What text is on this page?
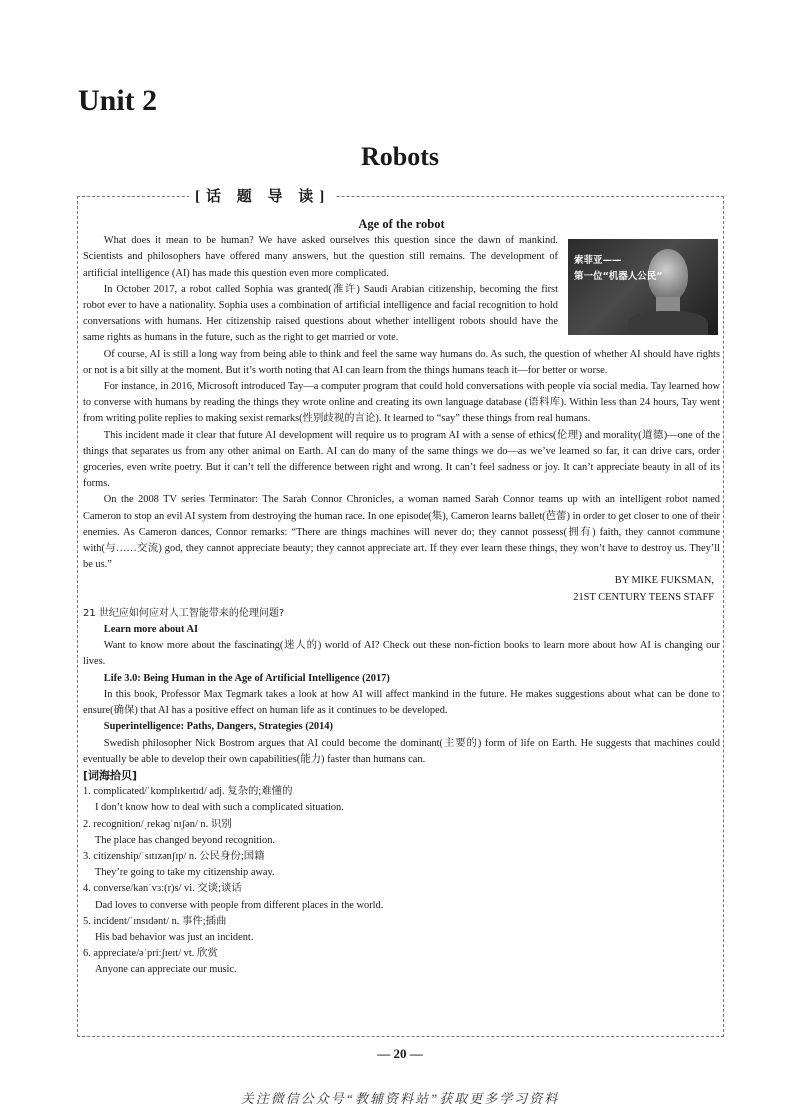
Unit 2
Robots
[话 题 导 读]

Age of the robot

索菲亚——
第一位“机器人公民”

What does it mean to be human? We have asked ourselves this question since the dawn of mankind. Scientists and philosophers have offered many answers, but the question still remains. The development of artificial intelligence (AI) has made this question even more complicated.

In October 2017, a robot called Sophia was granted(准许) Saudi Arabian citizenship, becoming the first robot ever to have a nationality. Sophia uses a combination of artificial intelligence and facial recognition to hold conversations with humans. Her citizenship raised questions about whether intelligent robots should have the same rights as humans in the future, such as the right to get married or vote.

Of course, AI is still a long way from being able to think and feel the same way humans do. As such, the question of whether AI should have rights or not is a bit silly at the moment. But it’s worth noting that AI can learn from the things humans teach it—for better or worse.

For instance, in 2016, Microsoft introduced Tay—a computer program that could hold conversations with people via social media. Tay learned how to converse with humans by reading the things they wrote online and creating its own language database (语料库). Within less than 24 hours, Tay went from writing polite replies to making sexist remarks(性别歧视的言论). It learned to “say” these things from real humans.

This incident made it clear that future AI development will require us to program AI with a sense of ethics(伦理) and morality(道德)—one of the things that separates us from any other animal on Earth. AI can do many of the same things we do—as we’ve learned so far, it can drive cars, order groceries, even write poetry. But it can’t tell the difference between right and wrong. It can’t feel sadness or joy. It can’t appreciate beauty in all of its forms.

On the 2008 TV series Terminator: The Sarah Connor Chronicles, a woman named Sarah Connor teams up with an intelligent robot named Cameron to stop an evil AI system from destroying the human race. In one episode(集), Cameron learns ballet(芭蕾) in order to get closer to one of their enemies. As Cameron dances, Connor remarks: “There are things machines will never do; they cannot possess(拥有) faith, they cannot commune with(与……交流) god, they cannot appreciate beauty; they cannot appreciate art. If they ever learn these things, they won’t have to destroy us. They’ll be us.”

BY MIKE FUKSMAN,

21ST CENTURY TEENS STAFF

21 世纪应如何应对人工智能带来的伦理问题?

Learn more about AI

Want to know more about the fascinating(迷人的) world of AI? Check out these non-fiction books to learn more about how AI is changing our lives.

Life 3.0: Being Human in the Age of Artificial Intelligence (2017)

In this book, Professor Max Tegmark takes a look at how AI will affect mankind in the future. He makes suggestions about what can be done to ensure(确保) that AI has a positive effect on human life as it continues to be developed.

Superintelligence: Paths, Dangers, Strategies (2014)

Swedish philosopher Nick Bostrom argues that AI could become the dominant(主要的) form of life on Earth. He suggests that machines could eventually be able to develop their own capabilities(能力) faster than humans can.

[词海拾贝]

1. complicated/ˈkɒmplɪkeɪtɪd/ adj. 复杂的;难懂的

I don’t know how to deal with such a complicated situation.

2. recognition/ˌrekəɡˈnɪʃən/ n. 识别

The place has changed beyond recognition.

3. citizenship/ˈsɪtɪzənʃɪp/ n. 公民身份;国籍

They’re going to take my citizenship away.

4. converse/kənˈvɜː(r)s/ vi. 交谈;谈话

Dad loves to converse with people from different places in the world.

5. incident/ˈɪnsɪdənt/ n. 事件;插曲

His bad behavior was just an incident.

6. appreciate/əˈpriːʃɪeɪt/ vt. 欣赏

Anyone can appreciate our music.

— 20 —
关注微信公众号“教辅资料站”获取更多学习资料
